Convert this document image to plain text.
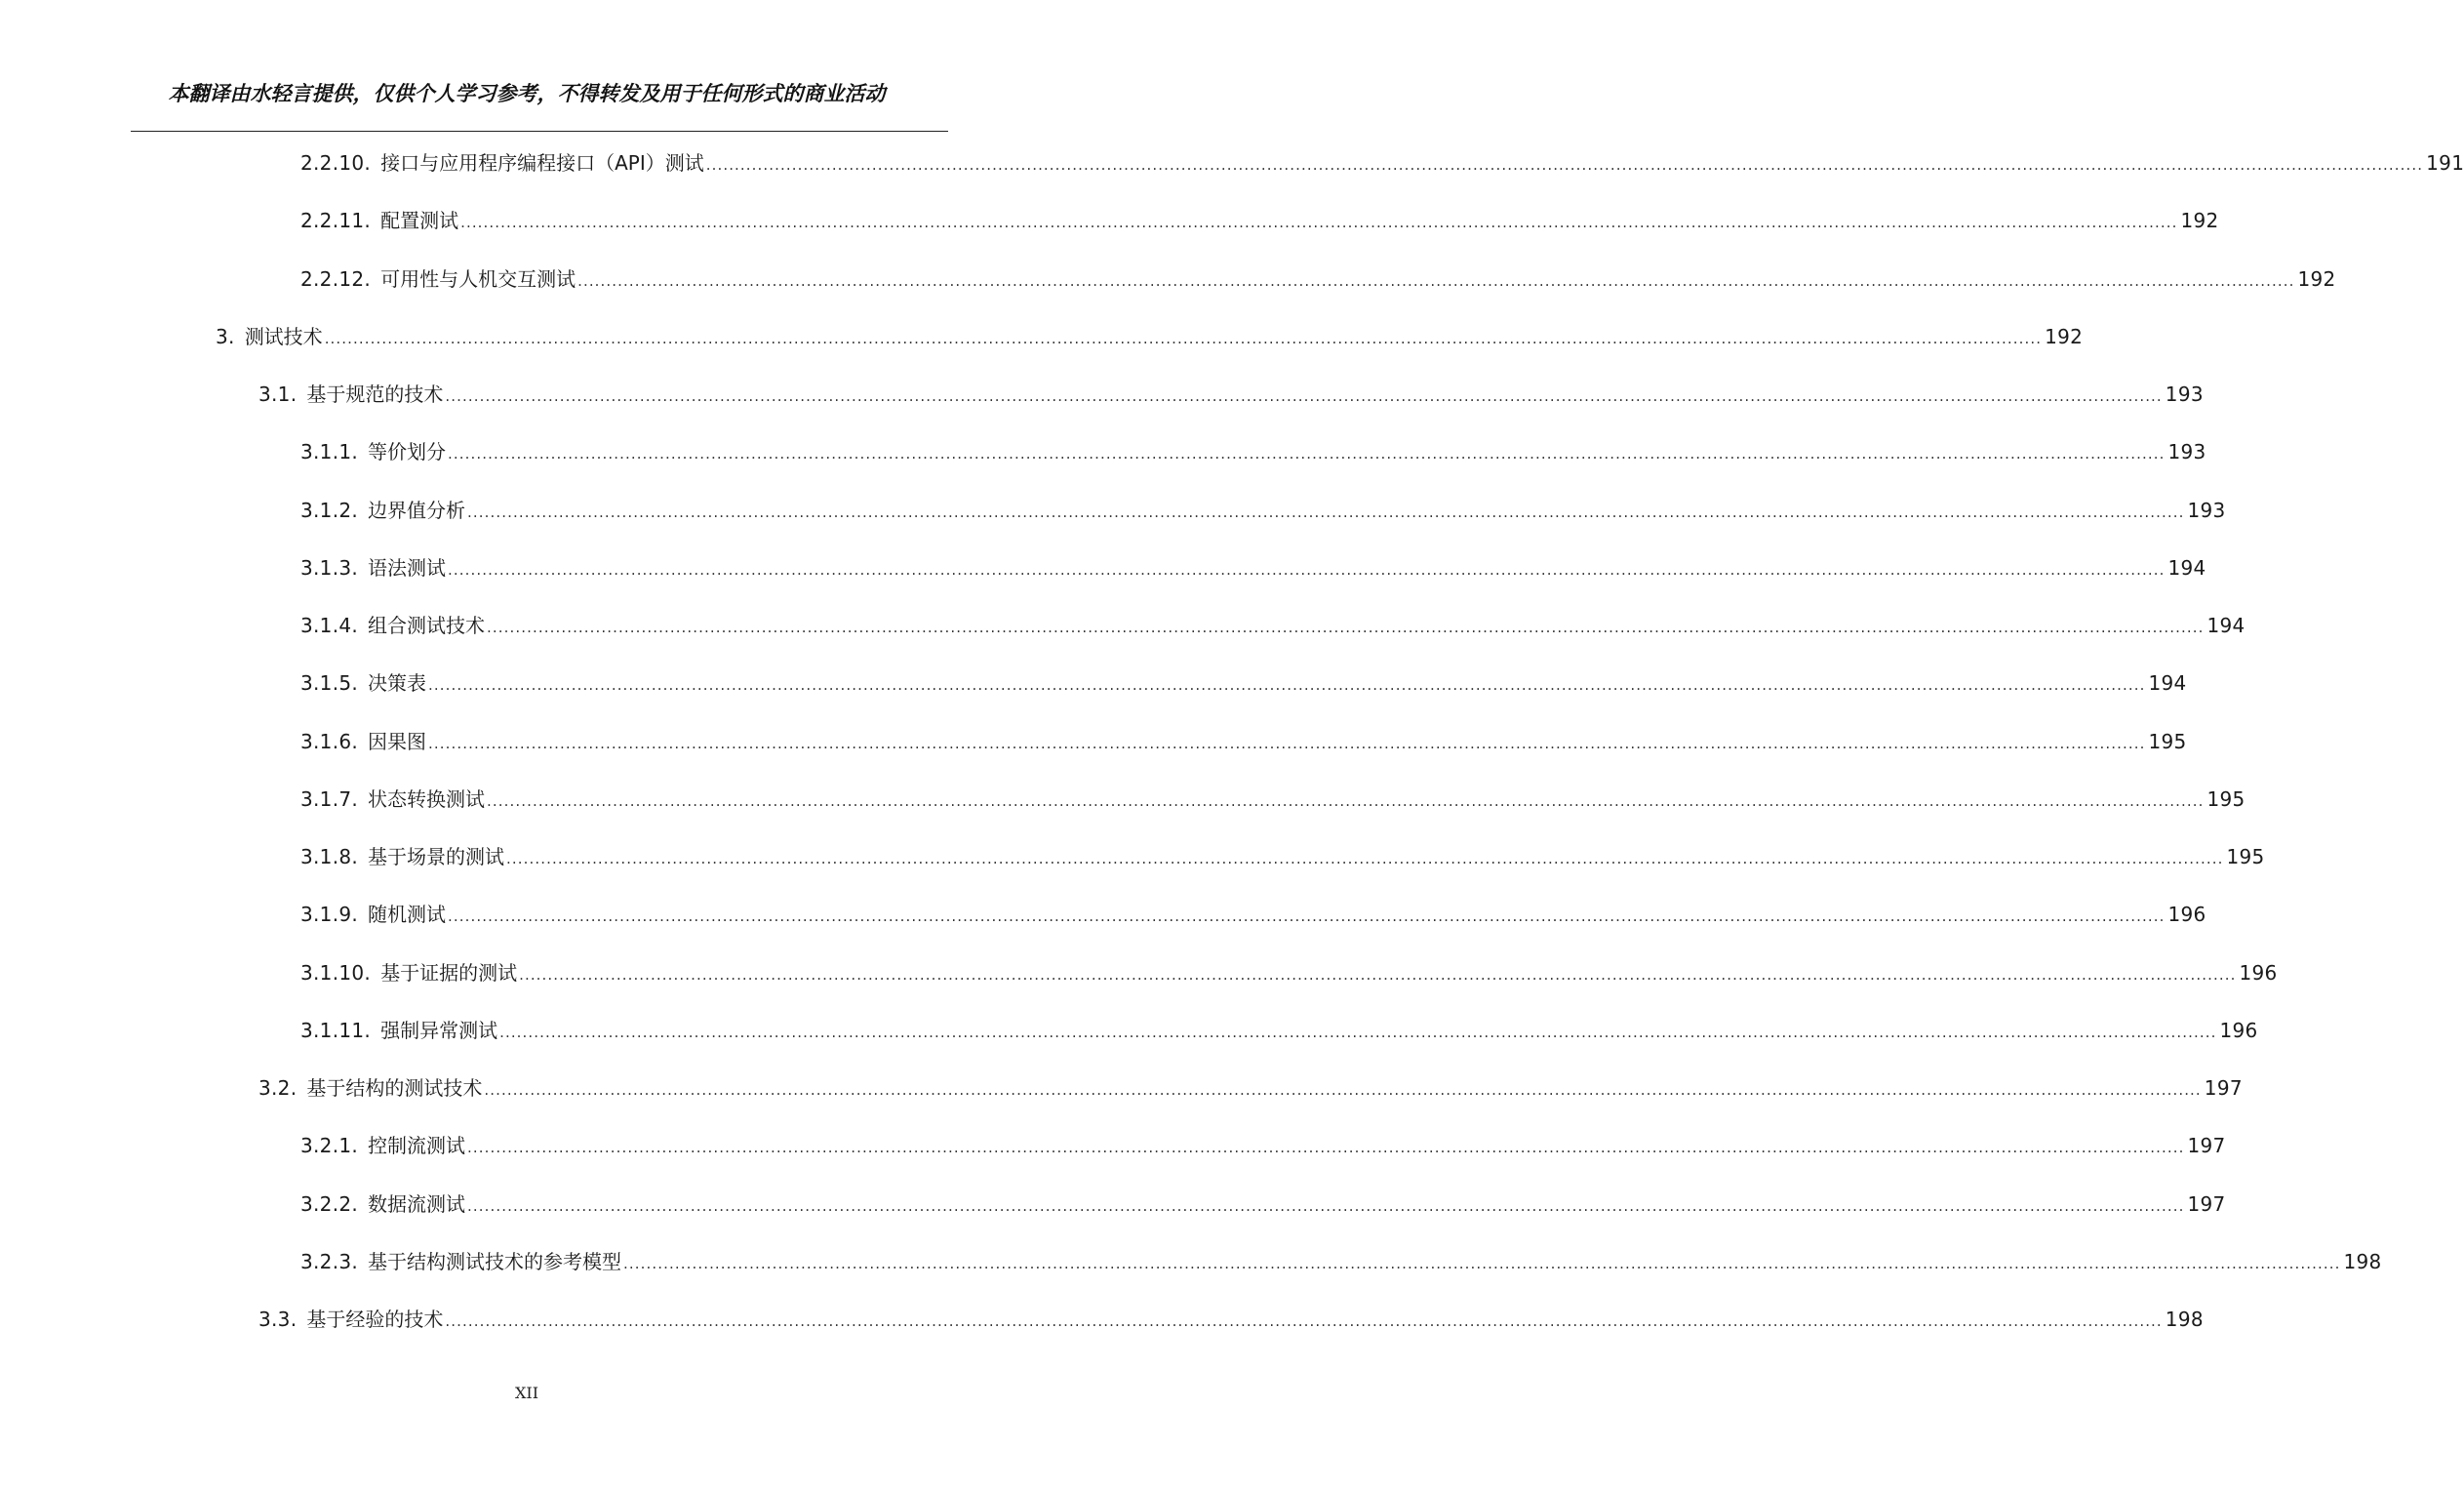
本翻译由水轻言提供，仅供个人学习参考，不得转发及用于任何形式的商业活动
2.2.10. 接口与应用程序编程接口（API）测试 ............................................................................................................................................................................................................................................................................................................ 191
2.2.11. 配置测试 ............................................................................................................................................................................................................................................................................................................ 192
2.2.12. 可用性与人机交互测试 ............................................................................................................................................................................................................................................................................................................ 192
3. 测试技术 ............................................................................................................................................................................................................................................................................................................ 192
3.1. 基于规范的技术 ............................................................................................................................................................................................................................................................................................................ 193
3.1.1. 等价划分 ............................................................................................................................................................................................................................................................................................................ 193
3.1.2. 边界值分析 ............................................................................................................................................................................................................................................................................................................ 193
3.1.3. 语法测试 ............................................................................................................................................................................................................................................................................................................ 194
3.1.4. 组合测试技术 ............................................................................................................................................................................................................................................................................................................ 194
3.1.5. 决策表 ............................................................................................................................................................................................................................................................................................................ 194
3.1.6. 因果图 ............................................................................................................................................................................................................................................................................................................ 195
3.1.7. 状态转换测试 ............................................................................................................................................................................................................................................................................................................ 195
3.1.8. 基于场景的测试 ............................................................................................................................................................................................................................................................................................................ 195
3.1.9. 随机测试 ............................................................................................................................................................................................................................................................................................................ 196
3.1.10. 基于证据的测试 ............................................................................................................................................................................................................................................................................................................ 196
3.1.11. 强制异常测试 ............................................................................................................................................................................................................................................................................................................ 196
3.2. 基于结构的测试技术 ............................................................................................................................................................................................................................................................................................................ 197
3.2.1. 控制流测试 ............................................................................................................................................................................................................................................................................................................ 197
3.2.2. 数据流测试 ............................................................................................................................................................................................................................................................................................................ 197
3.2.3. 基于结构测试技术的参考模型 ............................................................................................................................................................................................................................................................................................................ 198
3.3. 基于经验的技术 ............................................................................................................................................................................................................................................................................................................ 198
XII
